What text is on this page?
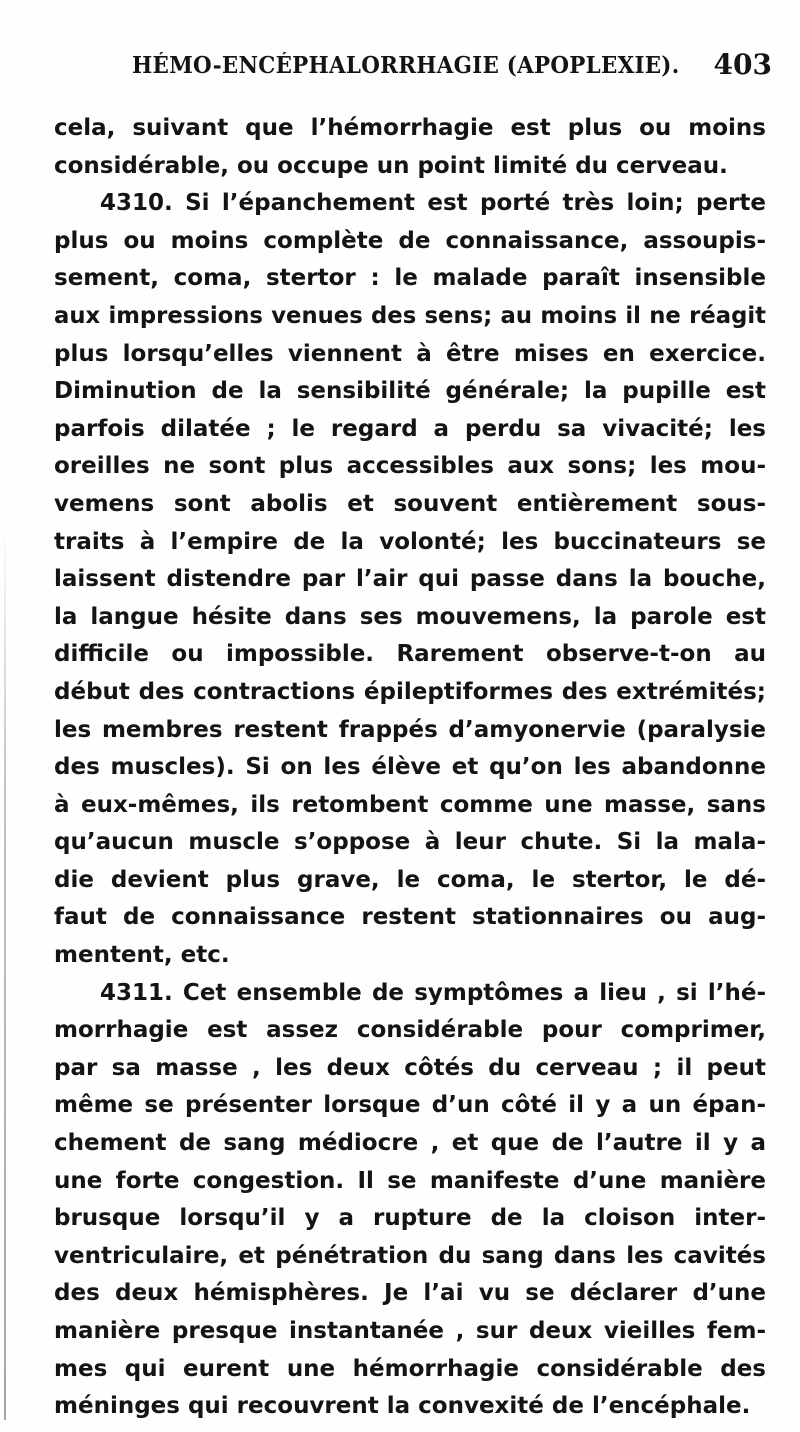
HÉMO-ENCÉPHALORRHAGIE (APOPLEXIE). 403
cela, suivant que l’hémorrhagie est plus ou moins
considérable, ou occupe un point limité du cerveau.
4310. Si l’épanchement est porté très loin; perte
plus ou moins complète de connaissance, assoupis-
sement, coma, stertor : le malade paraît insensible
aux impressions venues des sens; au moins il ne réagit
plus lorsqu’elles viennent à être mises en exercice.
Diminution de la sensibilité générale; la pupille est
parfois dilatée ; le regard a perdu sa vivacité; les
oreilles ne sont plus accessibles aux sons; les mou-
vemens sont abolis et souvent entièrement sous-
traits à l’empire de la volonté; les buccinateurs se
laissent distendre par l’air qui passe dans la bouche,
la langue hésite dans ses mouvemens, la parole est
difficile ou impossible. Rarement observe-t-on au
début des contractions épileptiformes des extrémités;
les membres restent frappés d’amyonervie (paralysie
des muscles). Si on les élève et qu’on les abandonne
à eux-mêmes, ils retombent comme une masse, sans
qu’aucun muscle s’oppose à leur chute. Si la mala-
die devient plus grave, le coma, le stertor, le dé-
faut de connaissance restent stationnaires ou aug-
mentent, etc.
4311. Cet ensemble de symptômes a lieu , si l’hé-
morrhagie est assez considérable pour comprimer,
par sa masse , les deux côtés du cerveau ; il peut
même se présenter lorsque d’un côté il y a un épan-
chement de sang médiocre , et que de l’autre il y a
une forte congestion. Il se manifeste d’une manière
brusque lorsqu’il y a rupture de la cloison inter-
ventriculaire, et pénétration du sang dans les cavités
des deux hémisphères. Je l’ai vu se déclarer d’une
manière presque instantanée , sur deux vieilles fem-
mes qui eurent une hémorrhagie considérable des
méninges qui recouvrent la convexité de l’encéphale.
